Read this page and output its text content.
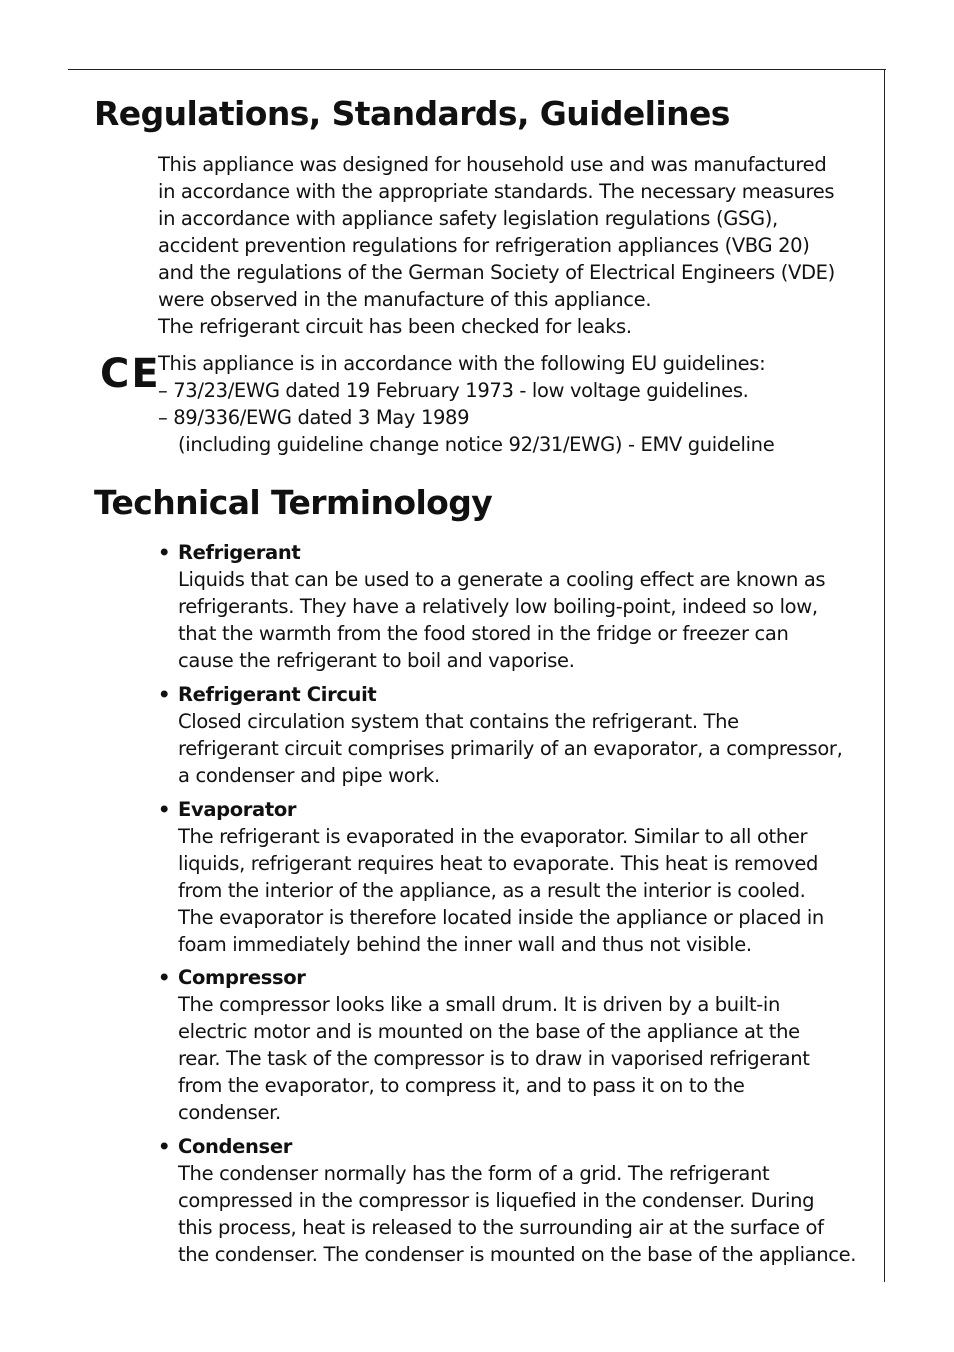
Regulations, Standards, Guidelines
This appliance was designed for household use and was manufactured
in accordance with the appropriate standards. The necessary measures
in accordance with appliance safety legislation regulations (GSG),
accident prevention regulations for refrigeration appliances (VBG 20)
and the regulations of the German Society of Electrical Engineers (VDE)
were observed in the manufacture of this appliance.
The refrigerant circuit has been checked for leaks.
CE
This appliance is in accordance with the following EU guidelines:
– 73/23/EWG dated 19 February 1973 - low voltage guidelines.
– 89/336/EWG dated 3 May 1989
(including guideline change notice 92/31/EWG) - EMV guideline
Technical Terminology
• Refrigerant
Liquids that can be used to a generate a cooling effect are known as
refrigerants. They have a relatively low boiling-point, indeed so low,
that the warmth from the food stored in the fridge or freezer can
cause the refrigerant to boil and vaporise.
• Refrigerant Circuit
Closed circulation system that contains the refrigerant. The
refrigerant circuit comprises primarily of an evaporator, a compressor,
a condenser and pipe work.
• Evaporator
The refrigerant is evaporated in the evaporator. Similar to all other
liquids, refrigerant requires heat to evaporate. This heat is removed
from the interior of the appliance, as a result the interior is cooled.
The evaporator is therefore located inside the appliance or placed in
foam immediately behind the inner wall and thus not visible.
• Compressor
The compressor looks like a small drum. It is driven by a built-in
electric motor and is mounted on the base of the appliance at the
rear. The task of the compressor is to draw in vaporised refrigerant
from the evaporator, to compress it, and to pass it on to the
condenser.
• Condenser
The condenser normally has the form of a grid. The refrigerant
compressed in the compressor is liquefied in the condenser. During
this process, heat is released to the surrounding air at the surface of
the condenser. The condenser is mounted on the base of the appliance.
